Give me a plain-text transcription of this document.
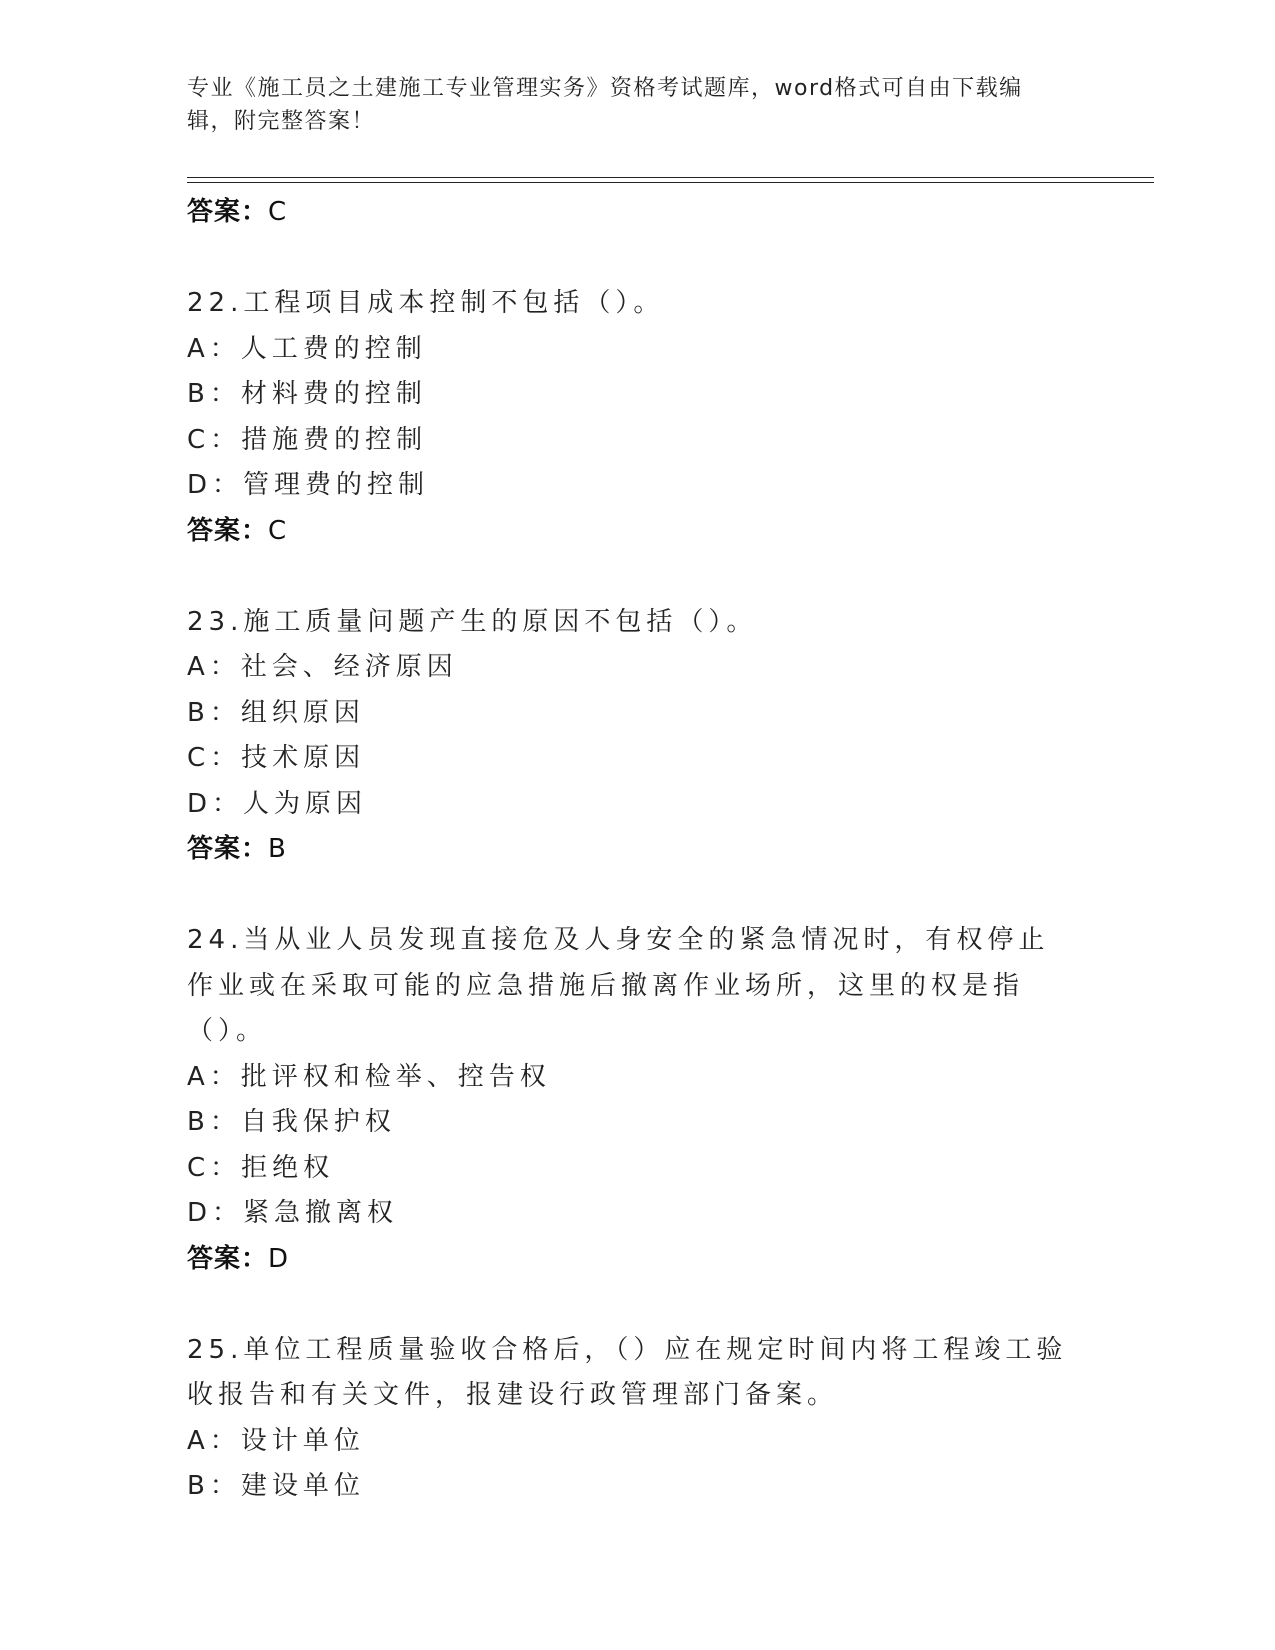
专业《施工员之土建施工专业管理实务》资格考试题库，word格式可自由下载编辑，附完整答案！
答案：C
22.工程项目成本控制不包括（）。
A：人工费的控制
B：材料费的控制
C：措施费的控制
D：管理费的控制
答案：C
23.施工质量问题产生的原因不包括（）。
A：社会、经济原因
B：组织原因
C：技术原因
D：人为原因
答案：B
24.当从业人员发现直接危及人身安全的紧急情况时，有权停止作业或在采取可能的应急措施后撤离作业场所，这里的权是指（）。
A：批评权和检举、控告权
B：自我保护权
C：拒绝权
D：紧急撤离权
答案：D
25.单位工程质量验收合格后，（）应在规定时间内将工程竣工验收报告和有关文件，报建设行政管理部门备案。
A：设计单位
B：建设单位
